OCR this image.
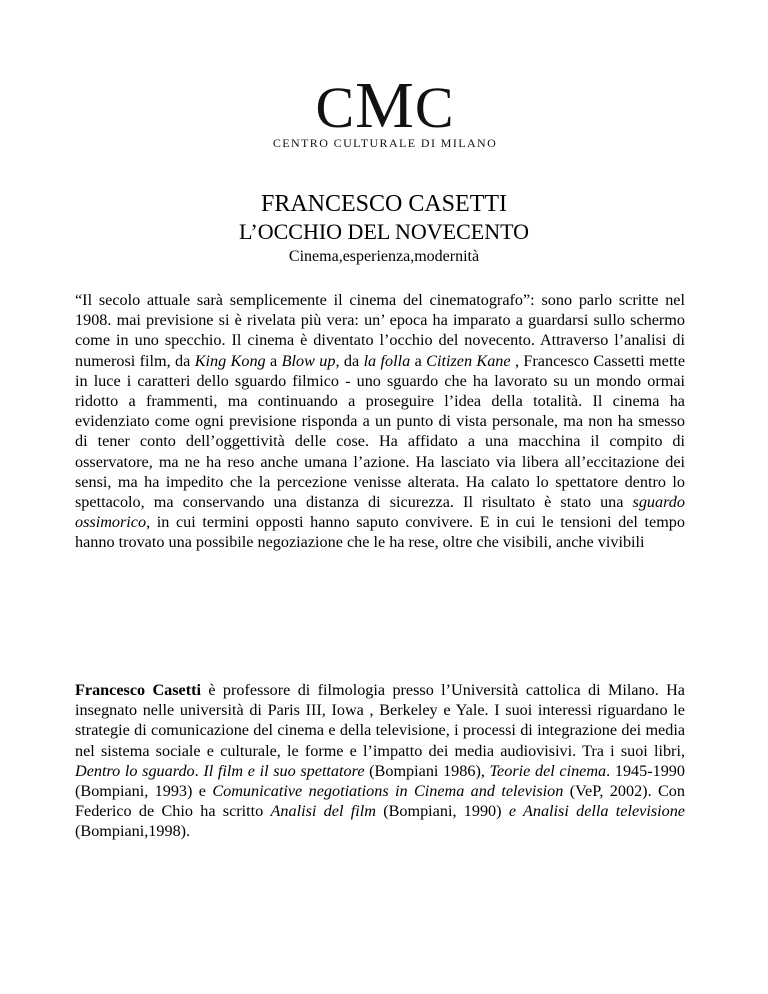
CMC
CENTRO CULTURALE DI MILANO
FRANCESCO CASETTI
L’OCCHIO DEL NOVECENTO
Cinema,esperienza,modernità

“Il secolo attuale sarà semplicemente il cinema del cinematografo”: sono parlo scritte nel 1908. mai previsione si è rivelata più vera: un’ epoca ha imparato a guardarsi sullo schermo come in uno specchio. Il cinema è diventato l’occhio del novecento. Attraverso l’analisi di numerosi film, da King Kong a Blow up, da la folla a Citizen Kane , Francesco Cassetti mette in luce i caratteri dello sguardo filmico - uno sguardo che ha lavorato su un mondo ormai ridotto a frammenti, ma continuando a proseguire l’idea della totalità. Il cinema ha evidenziato come ogni previsione risponda a un punto di vista personale, ma non ha smesso di tener conto dell’oggettività delle cose. Ha affidato a una macchina il compito di osservatore, ma ne ha reso anche umana l’azione. Ha lasciato via libera all’eccitazione dei sensi, ma ha impedito che la percezione venisse alterata. Ha calato lo spettatore dentro lo spettacolo, ma conservando una distanza di sicurezza. Il risultato è stato una sguardo ossimorico, in cui termini opposti hanno saputo convivere. E in cui le tensioni del tempo hanno trovato una possibile negoziazione che le ha rese, oltre che visibili, anche vivibili

Francesco Casetti è professore di filmologia presso l’Università cattolica di Milano. Ha insegnato nelle università di Paris III, Iowa , Berkeley e Yale. I suoi interessi riguardano le strategie di comunicazione del cinema e della televisione, i processi di integrazione dei media nel sistema sociale e culturale, le forme e l’impatto dei media audiovisivi. Tra i suoi libri, Dentro lo sguardo. Il film e il suo spettatore (Bompiani 1986), Teorie del cinema. 1945-1990 (Bompiani, 1993) e Comunicative negotiations in Cinema and television (VeP, 2002). Con Federico de Chio ha scritto Analisi del film (Bompiani, 1990) e Analisi della televisione (Bompiani,1998).
